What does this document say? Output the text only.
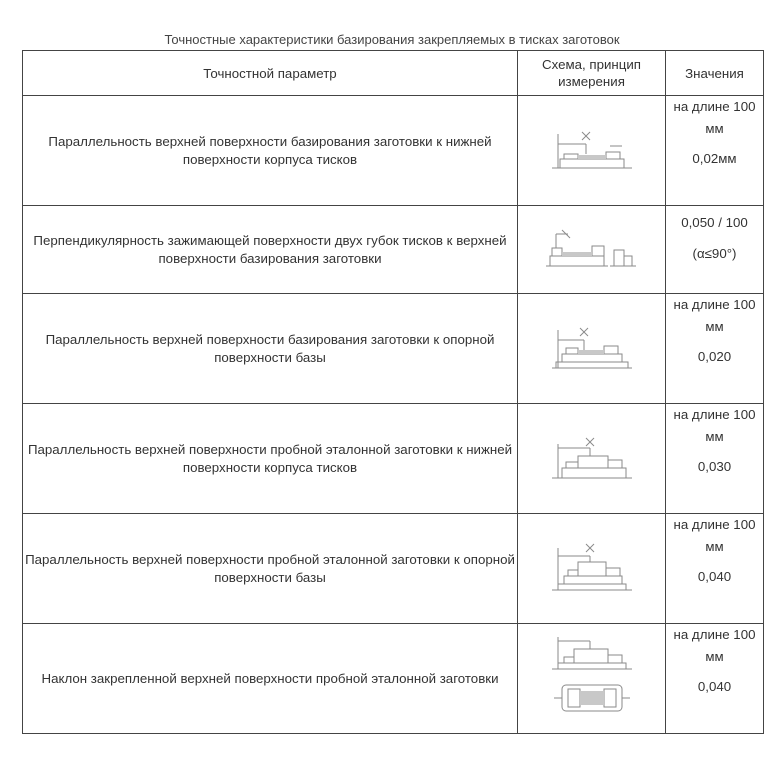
Точностные характеристики базирования закрепляемых в тисках заготовок
Точностной параметр	Схема, принцип измерения	Значения
Параллельность верхней поверхности базирования заготовки к нижней поверхности корпуса тисков		на длине 100 мм
0,02мм

Перпендикулярность зажимающей поверхности двух губок тисков к верхней поверхности базирования заготовки		0,050 / 100
(α≤90°)

Параллельность верхней поверхности базирования заготовки к опорной поверхности базы		на длине 100 мм
0,020

Параллельность верхней поверхности пробной эталонной заготовки к нижней поверхности корпуса тисков		на длине 100 мм
0,030

Параллельность верхней поверхности пробной эталонной заготовки к опорной поверхности базы		на длине 100 мм
0,040

Наклон закрепленной верхней поверхности пробной эталонной заготовки		на длине 100 мм
0,040
